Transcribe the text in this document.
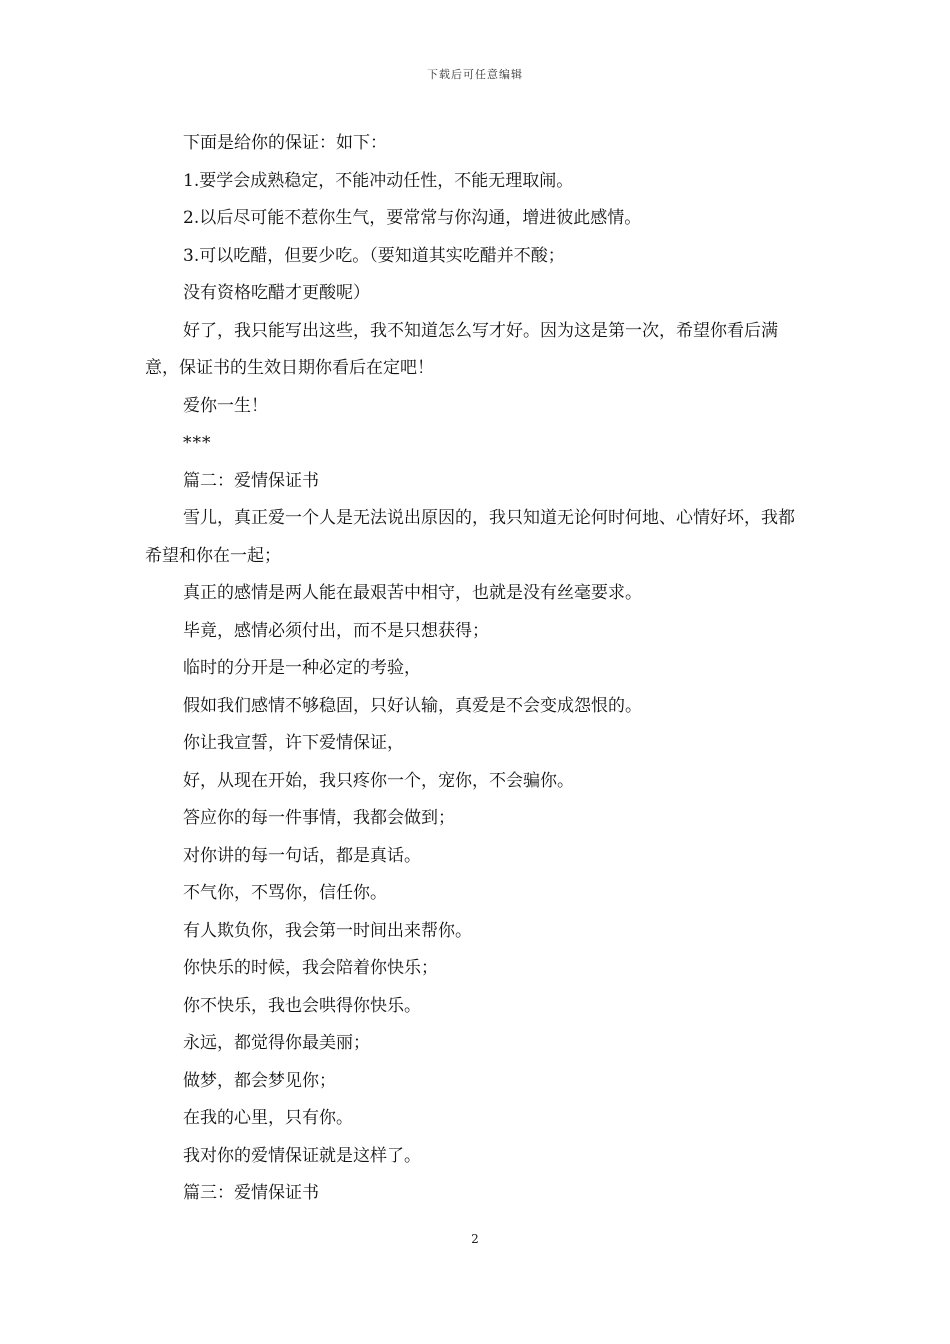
下载后可任意编辑

下面是给你的保证：如下：

1.要学会成熟稳定，不能冲动任性，不能无理取闹。

2.以后尽可能不惹你生气，要常常与你沟通，增进彼此感情。

3.可以吃醋，但要少吃。（要知道其实吃醋并不酸；

没有资格吃醋才更酸呢）

好了，我只能写出这些，我不知道怎么写才好。因为这是第一次，希望你看后满意，保证书的生效日期你看后在定吧！

爱你一生！

***

篇二：爱情保证书

雪儿，真正爱一个人是无法说出原因的，我只知道无论何时何地、心情好坏，我都希望和你在一起；

真正的感情是两人能在最艰苦中相守，也就是没有丝毫要求。

毕竟，感情必须付出，而不是只想获得；

临时的分开是一种必定的考验，

假如我们感情不够稳固，只好认输，真爱是不会变成怨恨的。

你让我宣誓，许下爱情保证，

好，从现在开始，我只疼你一个，宠你，不会骗你。

答应你的每一件事情，我都会做到；

对你讲的每一句话，都是真话。

不气你，不骂你，信任你。

有人欺负你，我会第一时间出来帮你。

你快乐的时候，我会陪着你快乐；

你不快乐，我也会哄得你快乐。

永远，都觉得你最美丽；

做梦，都会梦见你；

在我的心里，只有你。

我对你的爱情保证就是这样了。

篇三：爱情保证书

2
